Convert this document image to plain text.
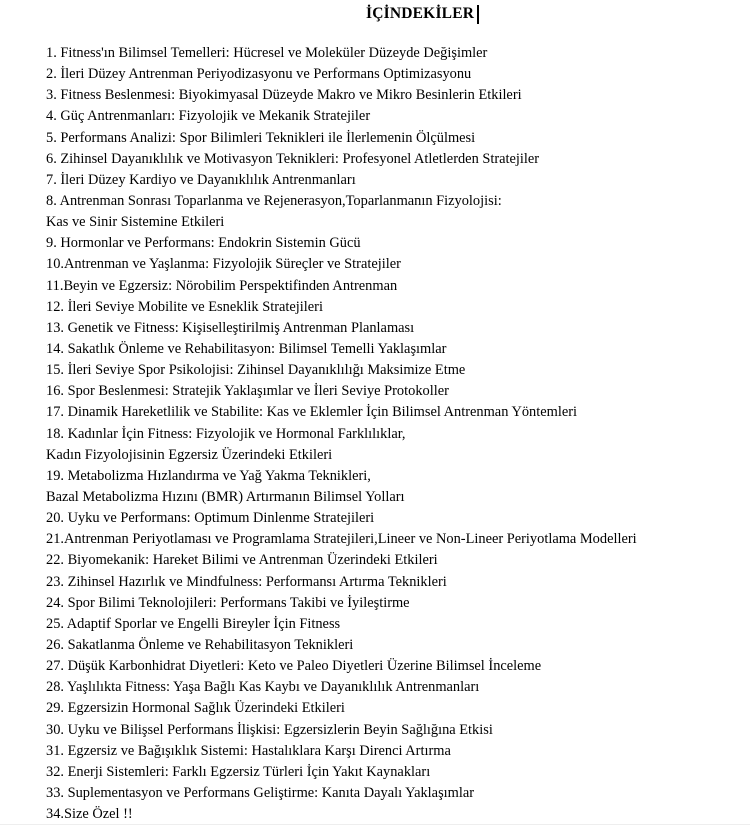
İÇİNDEKİLER
1. Fitness'ın Bilimsel Temelleri: Hücresel ve Moleküler Düzeyde Değişimler
2. İleri Düzey Antrenman Periyodizasyonu ve Performans Optimizasyonu
3. Fitness Beslenmesi: Biyokimyasal Düzeyde Makro ve Mikro Besinlerin Etkileri
4. Güç Antrenmanları: Fizyolojik ve Mekanik Stratejiler
5. Performans Analizi: Spor Bilimleri Teknikleri ile İlerlemenin Ölçülmesi
6. Zihinsel Dayanıklılık ve Motivasyon Teknikleri: Profesyonel Atletlerden Stratejiler
7. İleri Düzey Kardiyo ve Dayanıklılık Antrenmanları
8. Antrenman Sonrası Toparlanma ve Rejenerasyon,Toparlanmanın Fizyolojisi:
Kas ve Sinir Sistemine Etkileri
9. Hormonlar ve Performans: Endokrin Sistemin Gücü
10.Antrenman ve Yaşlanma: Fizyolojik Süreçler ve Stratejiler
11.Beyin ve Egzersiz: Nörobilim Perspektifinden Antrenman
12. İleri Seviye Mobilite ve Esneklik Stratejileri
13. Genetik ve Fitness: Kişiselleştirilmiş Antrenman Planlaması
14. Sakatlık Önleme ve Rehabilitasyon: Bilimsel Temelli Yaklaşımlar
15. İleri Seviye Spor Psikolojisi: Zihinsel Dayanıklılığı Maksimize Etme
16. Spor Beslenmesi: Stratejik Yaklaşımlar ve İleri Seviye Protokoller
17. Dinamik Hareketlilik ve Stabilite: Kas ve Eklemler İçin Bilimsel Antrenman Yöntemleri
18. Kadınlar İçin Fitness: Fizyolojik ve Hormonal Farklılıklar,
Kadın Fizyolojisinin Egzersiz Üzerindeki Etkileri
19. Metabolizma Hızlandırma ve Yağ Yakma Teknikleri,
Bazal Metabolizma Hızını (BMR) Artırmanın Bilimsel Yolları
20. Uyku ve Performans: Optimum Dinlenme Stratejileri
21.Antrenman Periyotlaması ve Programlama Stratejileri,Lineer ve Non-Lineer Periyotlama Modelleri
22. Biyomekanik: Hareket Bilimi ve Antrenman Üzerindeki Etkileri
23. Zihinsel Hazırlık ve Mindfulness: Performansı Artırma Teknikleri
24. Spor Bilimi Teknolojileri: Performans Takibi ve İyileştirme
25. Adaptif Sporlar ve Engelli Bireyler İçin Fitness
26. Sakatlanma Önleme ve Rehabilitasyon Teknikleri
27. Düşük Karbonhidrat Diyetleri: Keto ve Paleo Diyetleri Üzerine Bilimsel İnceleme
28. Yaşlılıkta Fitness: Yaşa Bağlı Kas Kaybı ve Dayanıklılık Antrenmanları
29. Egzersizin Hormonal Sağlık Üzerindeki Etkileri
30. Uyku ve Bilişsel Performans İlişkisi: Egzersizlerin Beyin Sağlığına Etkisi
31. Egzersiz ve Bağışıklık Sistemi: Hastalıklara Karşı Direnci Artırma
32. Enerji Sistemleri: Farklı Egzersiz Türleri İçin Yakıt Kaynakları
33. Suplementasyon ve Performans Geliştirme: Kanıta Dayalı Yaklaşımlar
34.Size Özel !!
